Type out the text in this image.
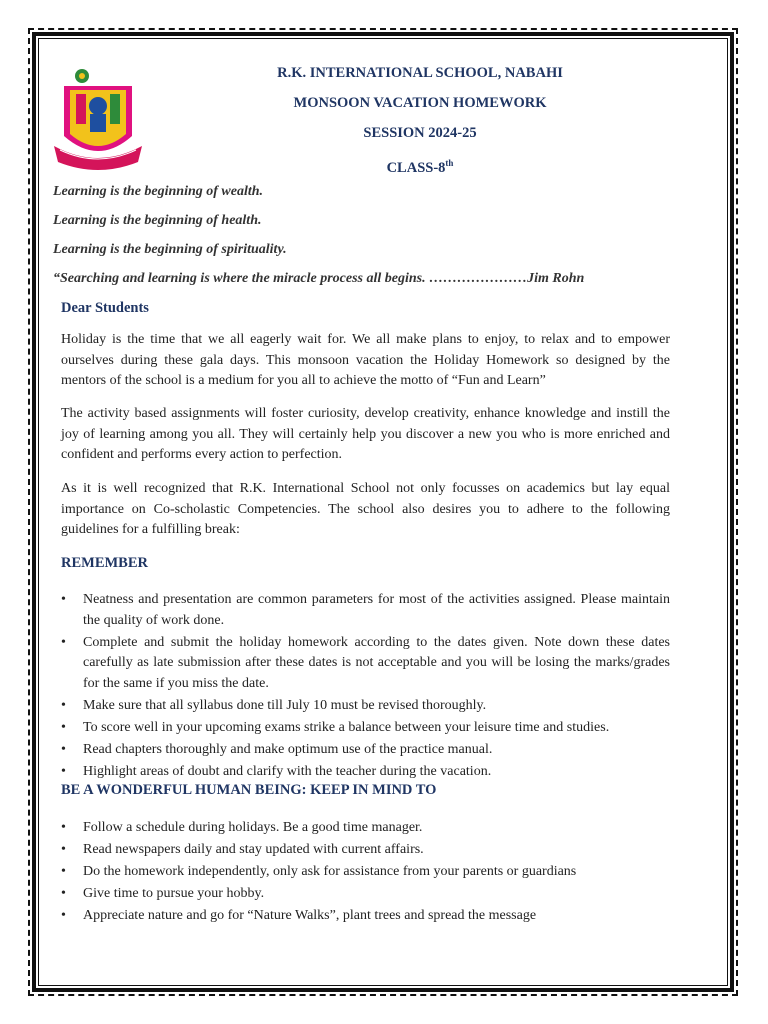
R.K. INTERNATIONAL SCHOOL, NABAHI
MONSOON VACATION HOMEWORK
SESSION 2024-25
CLASS-8th
Learning is the beginning of wealth.
Learning is the beginning of health.
Learning is the beginning of spirituality.
“Searching and learning is where the miracle process all begins. …………………Jim Rohn
Dear Students
Holiday is the time that we all eagerly wait for. We all make plans to enjoy, to relax and to empower ourselves during these gala days. This monsoon vacation the Holiday Homework so designed by the mentors of the school is a medium for you all to achieve the motto of “Fun and Learn”
The activity based assignments will foster curiosity, develop creativity, enhance knowledge and instill the joy of learning among you all. They will certainly help you discover a new you who is more enriched and confident and performs every action to perfection.
As it is well recognized that R.K. International School not only focusses on academics but lay equal importance on Co-scholastic Competencies. The school also desires you to adhere to the following guidelines for a fulfilling break:
REMEMBER
• Neatness and presentation are common parameters for most of the activities assigned. Please maintain the quality of work done.
• Complete and submit the holiday homework according to the dates given. Note down these dates carefully as late submission after these dates is not acceptable and you will be losing the marks/grades for the same if you miss the date.
• Make sure that all syllabus done till July 10 must be revised thoroughly.
• To score well in your upcoming exams strike a balance between your leisure time and studies.
• Read chapters thoroughly and make optimum use of the practice manual.
• Highlight areas of doubt and clarify with the teacher during the vacation.
BE A WONDERFUL HUMAN BEING: KEEP IN MIND TO
• Follow a schedule during holidays. Be a good time manager.
• Read newspapers daily and stay updated with current affairs.
• Do the homework independently, only ask for assistance from your parents or guardians
• Give time to pursue your hobby.
• Appreciate nature and go for “Nature Walks”, plant trees and spread the message
